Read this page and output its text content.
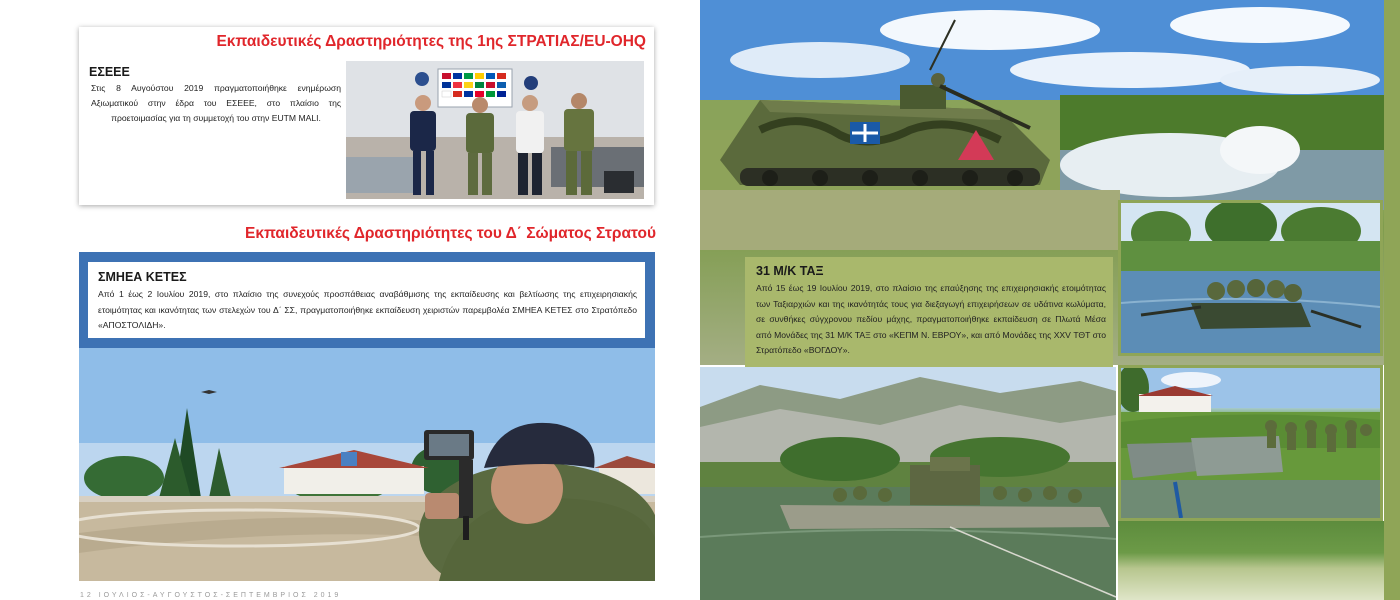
ΕΣΕΕΕ
Στις 8 Αυγούστου 2019 πραγματοποιήθηκε ενημέρωση Αξιωματικού στην έδρα του ΕΣΕΕΕ, στο πλαίσιο της προετοιμασίας για τη συμμετοχή του στην EUTM MALI.
Εκπαιδευτικές Δραστηριότητες της 1ης ΣΤΡΑΤΙΑΣ/EU-OHQ
Εκπαιδευτικές Δραστηριότητες του Δ΄ Σώματος Στρατού
ΣΜΗΕΑ ΚΕΤΕΣ
Από 1 έως 2 Ιουλίου 2019, στο πλαίσιο της συνεχούς προσπάθειας αναβάθμισης της εκπαίδευσης και βελτίωσης της επιχειρησιακής ετοιμότητας και ικανότητας των στελεχών του Δ΄ ΣΣ, πραγματοποιήθηκε εκπαίδευση χειριστών παρεμβολέα ΣΜΗΕΑ ΚΕΤΕΣ στο Στρατόπεδο «ΑΠΟΣΤΟΛΙΔΗ».
12 ΙΟΥΛΙΟΣ-ΑΥΓΟΥΣΤΟΣ-ΣΕΠΤΕΜΒΡΙΟΣ 2019
31 Μ/Κ ΤΑΞ
Από 15 έως 19 Ιουλίου 2019, στο πλαίσιο της επαύξησης της επιχειρησιακής ετοιμότητας των Ταξιαρχιών και της ικανότητάς τους για διεξαγωγή επιχειρήσεων σε υδάτινα κωλύματα, σε συνθήκες σύγχρονου πεδίου μάχης, πραγματοποιήθηκε εκπαίδευση σε Πλωτά Μέσα από Μονάδες της 31 Μ/Κ ΤΑΞ στο «ΚΕΠΜ Ν. ΕΒΡΟΥ», και από Μονάδες της XXV ΤΘΤ στο Στρατόπεδο «ΒΟΓΔΟΥ».
